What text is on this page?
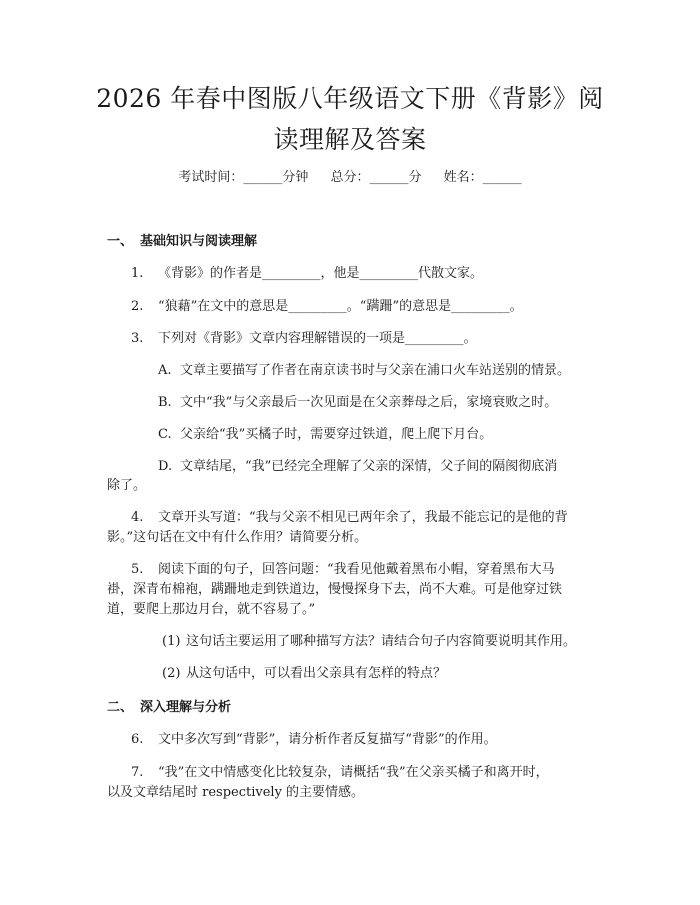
2026 年春中图版八年级语文下册《背影》阅
读理解及答案
考试时间：______分钟 总分：______分 姓名：______
一、 基础知识与阅读理解
1. 《背影》的作者是_________，他是_________代散文家。
2. “狼藉”在文中的意思是_________。“蹒跚”的意思是_________。
3. 下列对《背影》文章内容理解错误的一项是_________。
A. 文章主要描写了作者在南京读书时与父亲在浦口火车站送别的情景。
B. 文中“我”与父亲最后一次见面是在父亲葬母之后，家境衰败之时。
C. 父亲给“我”买橘子时，需要穿过铁道，爬上爬下月台。
D. 文章结尾，“我”已经完全理解了父亲的深情，父子间的隔阂彻底消
除了。
4. 文章开头写道：“我与父亲不相见已两年余了，我最不能忘记的是他的背
影。”这句话在文中有什么作用？请简要分析。
5. 阅读下面的句子，回答问题：“我看见他戴着黑布小帽，穿着黑布大马
褂，深青布棉袍，蹒跚地走到铁道边，慢慢探身下去，尚不大难。可是他穿过铁
道，要爬上那边月台，就不容易了。”
(1) 这句话主要运用了哪种描写方法？请结合句子内容简要说明其作用。
(2) 从这句话中，可以看出父亲具有怎样的特点？
二、 深入理解与分析
6. 文中多次写到“背影”，请分析作者反复描写“背影”的作用。
7. “我”在文中情感变化比较复杂，请概括“我”在父亲买橘子和离开时，
以及文章结尾时 respectively 的主要情感。
